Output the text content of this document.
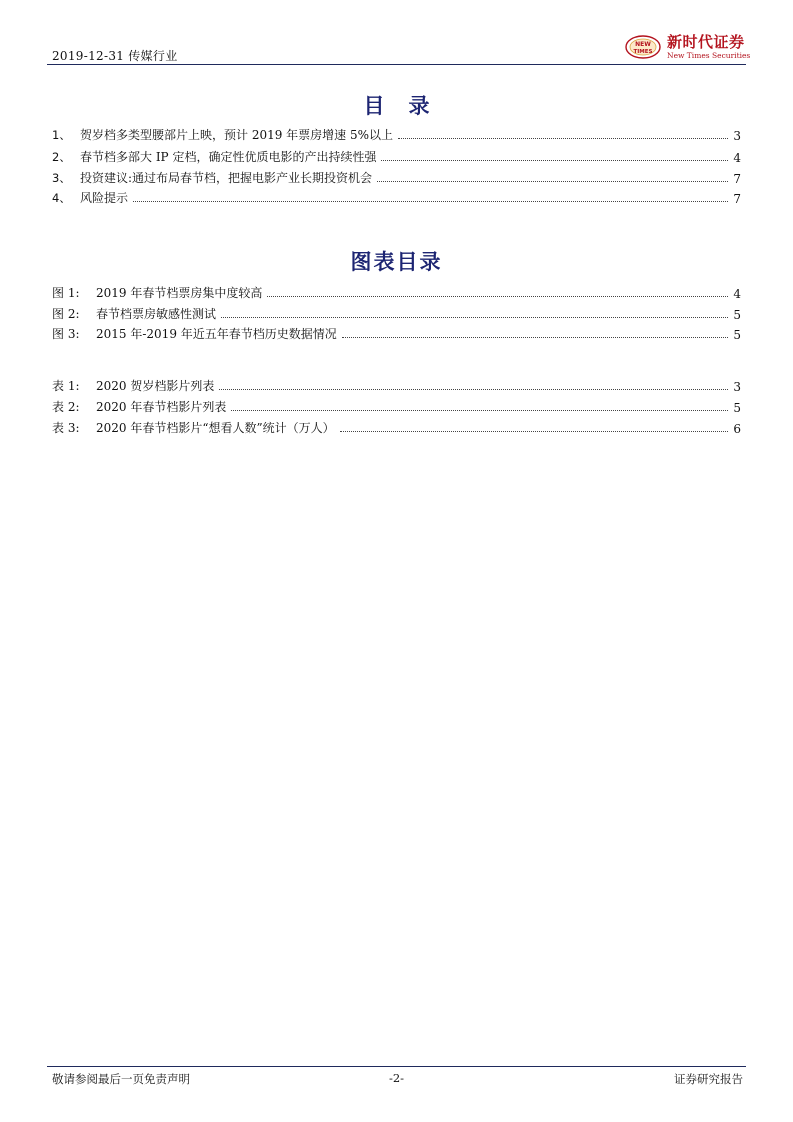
2019-12-31 传媒行业
NEW
TIMES
新时代证券
New Times Securities
目录
1、 贺岁档多类型腰部片上映，预计 2019 年票房增速 5%以上	3
2、 春节档多部大 IP 定档，确定性优质电影的产出持续性强	4
3、 投资建议:通过布局春节档，把握电影产业长期投资机会	7
4、 风险提示	7
图表目录
图 1:	2019 年春节档票房集中度较高	4
图 2:	春节档票房敏感性测试	5
图 3:	2015 年-2019 年近五年春节档历史数据情况	5
表 1:	2020 贺岁档影片列表	3
表 2:	2020 年春节档影片列表	5
表 3:	2020 年春节档影片“想看人数”统计（万人）	6
敬请参阅最后一页免责声明	-2-	证券研究报告
